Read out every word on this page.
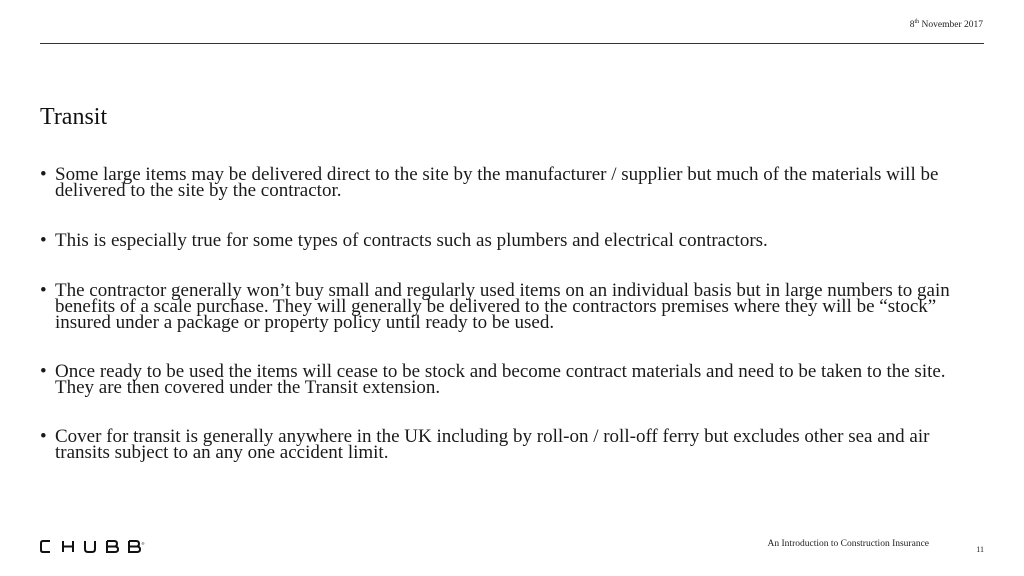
8th November 2017
Transit
• Some large items may be delivered direct to the site by the manufacturer / supplier but much of the materials will be delivered to the site by the contractor.
• This is especially true for some types of contracts such as plumbers and electrical contractors.
• The contractor generally won’t buy small and regularly used items on an individual basis but in large numbers to gain benefits of a scale purchase. They will generally be delivered to the contractors premises where they will be “stock” insured under a package or property policy until ready to be used.
• Once ready to be used the items will cease to be stock and become contract materials and need to be taken to the site. They are then covered under the Transit extension.
• Cover for transit is generally anywhere in the UK including by roll-on / roll-off ferry but excludes other sea and air transits subject to an any one accident limit.
®
CHUBB	An Introduction to Construction Insurance
11
